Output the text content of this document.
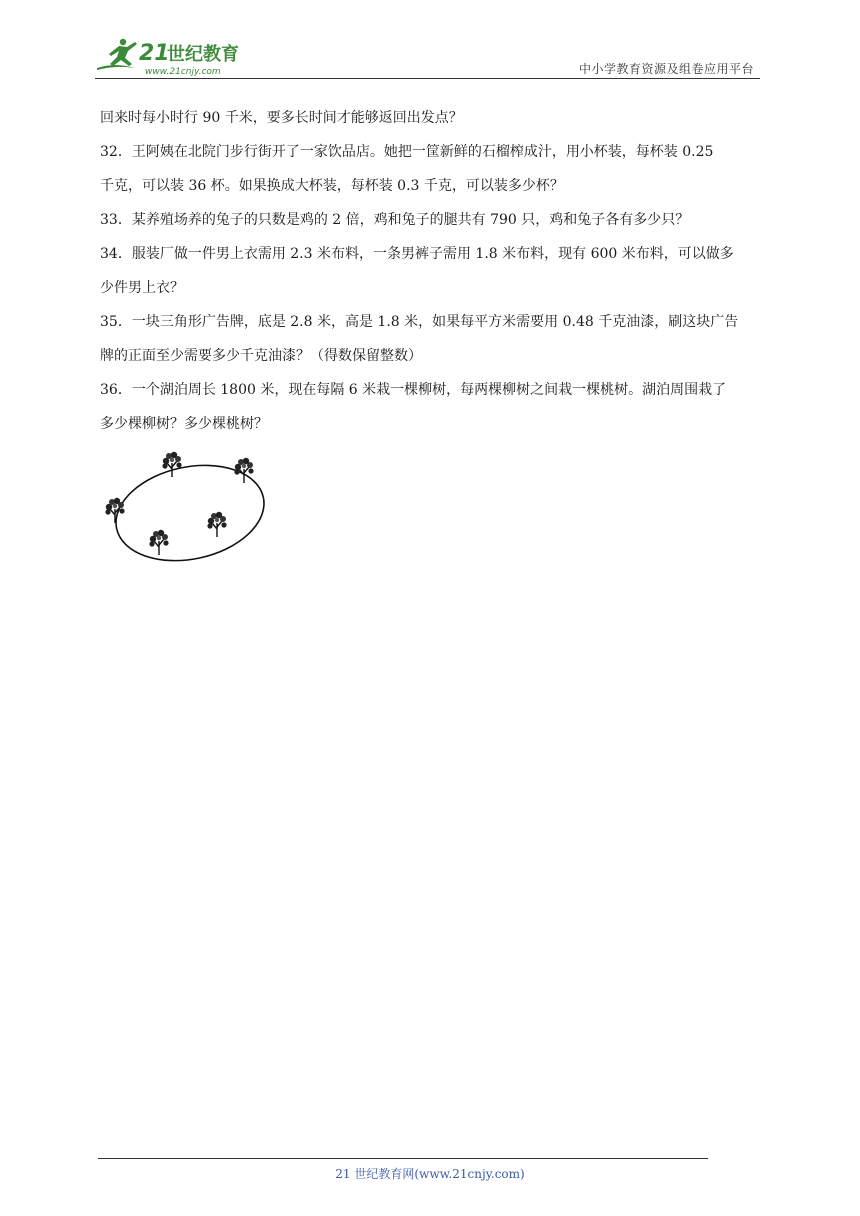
21
世纪教育
www.21cnjy.com	中小学教育资源及组卷应用平台
回来时每小时行 90 千米，要多长时间才能够返回出发点？
32．王阿姨在北院门步行街开了一家饮品店。她把一筐新鲜的石榴榨成汁，用小杯装，每杯装 0.25
千克，可以装 36 杯。如果换成大杯装，每杯装 0.3 千克，可以装多少杯？
33．某养殖场养的兔子的只数是鸡的 2 倍，鸡和兔子的腿共有 790 只，鸡和兔子各有多少只？
34．服装厂做一件男上衣需用 2.3 米布料，一条男裤子需用 1.8 米布料，现有 600 米布料，可以做多
少件男上衣？
35．一块三角形广告牌，底是 2.8 米，高是 1.8 米，如果每平方米需要用 0.48 千克油漆，刷这块广告
牌的正面至少需要多少千克油漆？（得数保留整数）
36．一个湖泊周长 1800 米，现在每隔 6 米栽一棵柳树，每两棵柳树之间栽一棵桃树。湖泊周围栽了
多少棵柳树？多少棵桃树？
21 世纪教育网(www.21cnjy.com)
